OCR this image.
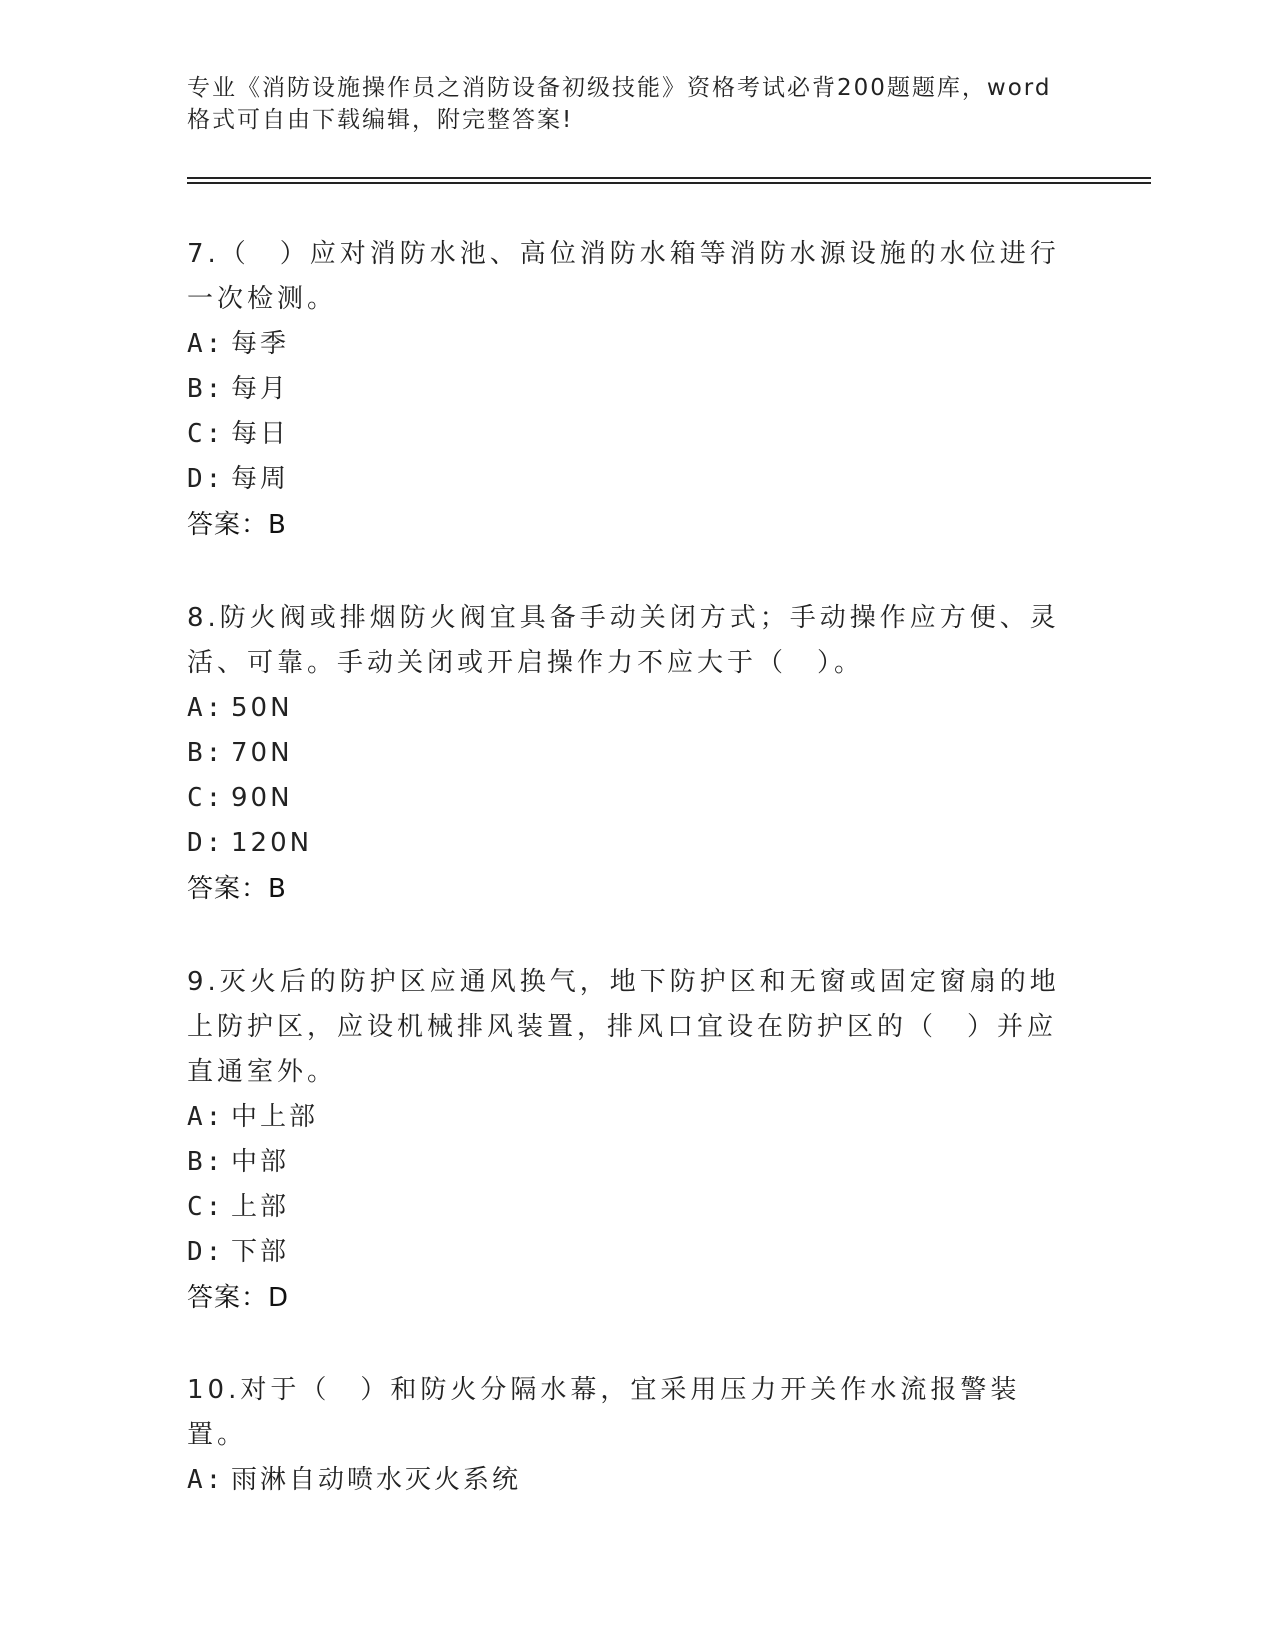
专业《消防设施操作员之消防设备初级技能》资格考试必背200题题库，word格式可自由下载编辑，附完整答案!
7.（　）应对消防水池、高位消防水箱等消防水源设施的水位进行一次检测。
A: 每季
B: 每月
C: 每日
D: 每周
答案：B
8.防火阀或排烟防火阀宜具备手动关闭方式；手动操作应方便、灵活、可靠。手动关闭或开启操作力不应大于（　）。
A: 50N
B: 70N
C: 90N
D: 120N
答案：B
9.灭火后的防护区应通风换气，地下防护区和无窗或固定窗扇的地上防护区，应设机械排风装置，排风口宜设在防护区的（　）并应直通室外。
A: 中上部
B: 中部
C: 上部
D: 下部
答案：D
10.对于（　）和防火分隔水幕，宜采用压力开关作水流报警装置。
A: 雨淋自动喷水灭火系统
